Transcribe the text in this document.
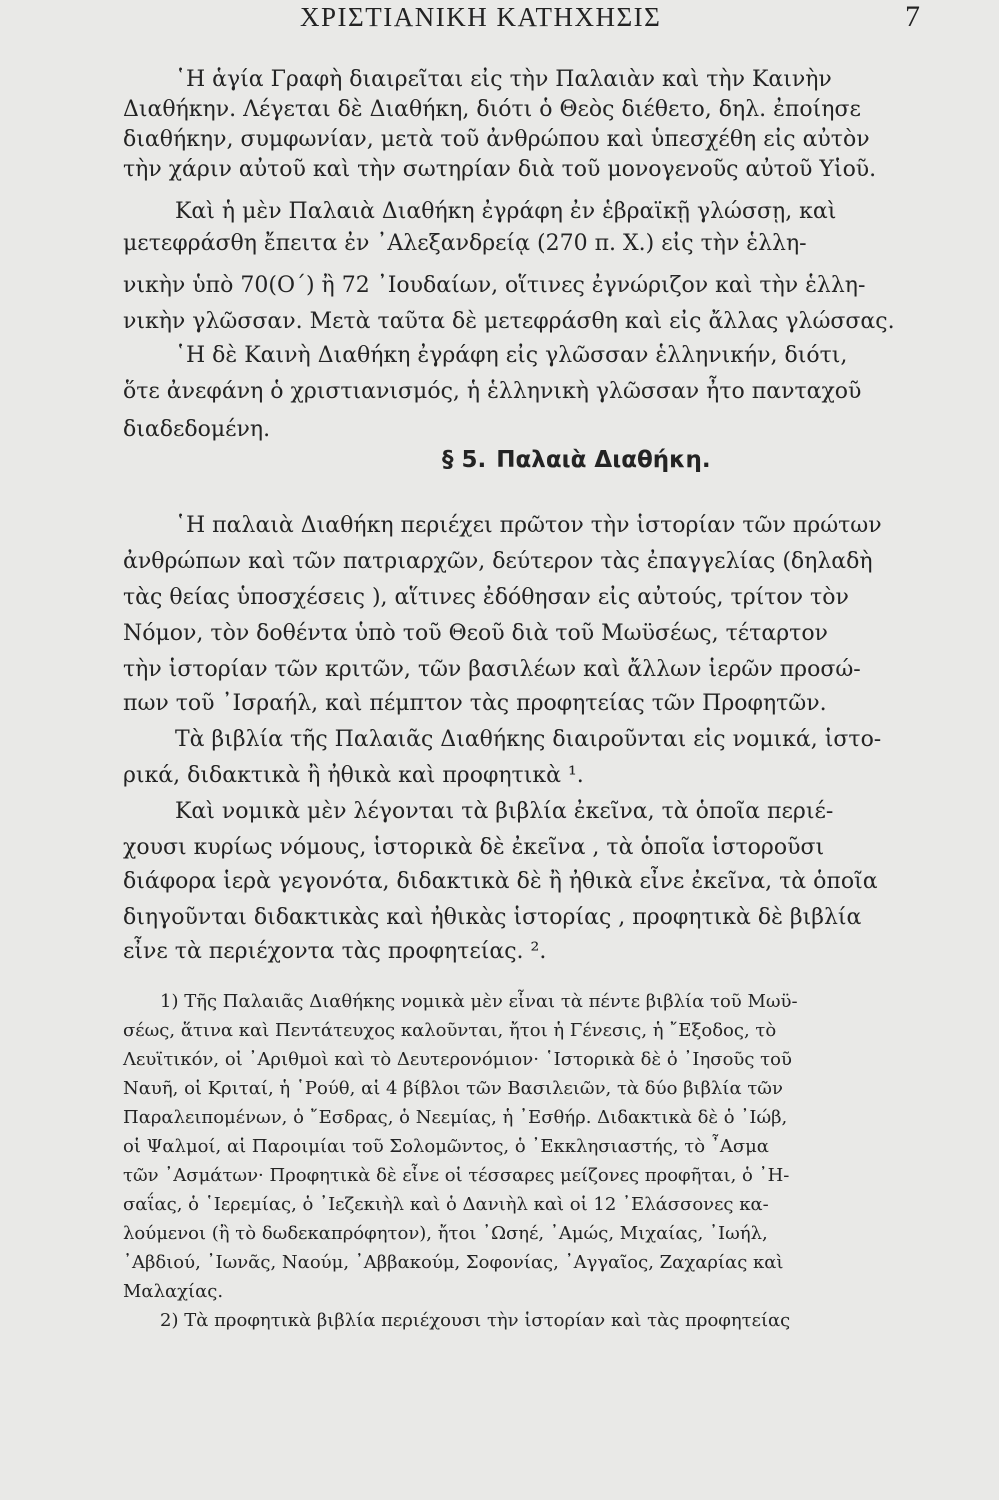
ΧΡΙΣΤΙΑΝΙΚΗ ΚΑΤΗΧΗΣΙΣ	7
῾Η ἁγία Γραφὴ διαιρεῖται εἰς τὴν Παλαιὰν καὶ τὴν Καινὴν
Διαθήκην. Λέγεται δὲ Διαθήκη, διότι ὁ Θεὸς διέθετο, δηλ. ἐποίησε
διαθήκην, συμφωνίαν, μετὰ τοῦ ἀνθρώπου καὶ ὑπεσχέθη εἰς αὐτὸν
τὴν χάριν αὐτοῦ καὶ τὴν σωτηρίαν διὰ τοῦ μονογενοῦς αὐτοῦ Υἱοῦ.
Καὶ ἡ μὲν Παλαιὰ Διαθήκη ἐγράφη ἐν ἑβραϊκῇ γλώσσῃ, καὶ
μετεφράσθη ἔπειτα ἐν ᾿Αλεξανδρείᾳ (270 π. Χ.) εἰς τὴν ἑλλη-
νικὴν ὑπὸ 70(Ο΄) ἢ 72 ᾿Ιουδαίων, οἵτινες ἐγνώριζον καὶ τὴν ἑλλη-
νικὴν γλῶσσαν. Μετὰ ταῦτα δὲ μετεφράσθη καὶ εἰς ἄλλας γλώσσας.
῾Η δὲ Καινὴ Διαθήκη ἐγράφη εἰς γλῶσσαν ἑλληνικήν, διότι,
ὅτε ἀνεφάνη ὁ χριστιανισμός, ἡ ἑλληνικὴ γλῶσσαν ἦτο πανταχοῦ
διαδεδομένη.
§ 5. Παλαιὰ Διαθήκη.
῾Η παλαιὰ Διαθήκη περιέχει πρῶτον τὴν ἱστορίαν τῶν πρώτων
ἀνθρώπων καὶ τῶν πατριαρχῶν, δεύτερον τὰς ἐπαγγελίας (δηλαδὴ
τὰς θείας ὑποσχέσεις ), αἵτινες ἐδόθησαν εἰς αὐτούς, τρίτον τὸν
Νόμον, τὸν δοθέντα ὑπὸ τοῦ Θεοῦ διὰ τοῦ Μωϋσέως, τέταρτον
τὴν ἱστορίαν τῶν κριτῶν, τῶν βασιλέων καὶ ἄλλων ἱερῶν προσώ-
πων τοῦ ᾿Ισραήλ, καὶ πέμπτον τὰς προφητείας τῶν Προφητῶν.
Τὰ βιβλία τῆς Παλαιᾶς Διαθήκης διαιροῦνται εἰς νομικά, ἱστο-
ρικά, διδακτικὰ ἢ ἠθικὰ καὶ προφητικὰ ¹.
Καὶ νομικὰ μὲν λέγονται τὰ βιβλία ἐκεῖνα, τὰ ὁποῖα περιέ-
χουσι κυρίως νόμους, ἱστορικὰ δὲ ἐκεῖνα , τὰ ὁποῖα ἱστοροῦσι
διάφορα ἱερὰ γεγονότα, διδακτικὰ δὲ ἢ ἠθικὰ εἶνε ἐκεῖνα, τὰ ὁποῖα
διηγοῦνται διδακτικὰς καὶ ἠθικὰς ἱστορίας , προφητικὰ δὲ βιβλία
εἶνε τὰ περιέχοντα τὰς προφητείας. ².
1) Τῆς Παλαιᾶς Διαθήκης νομικὰ μὲν εἶναι τὰ πέντε βιβλία τοῦ Μωϋ-
σέως, ἅτινα καὶ Πεντάτευχος καλοῦνται, ἤτοι ἡ Γένεσις, ἡ ῎Εξοδος, τὸ
Λευϊτικόν, οἱ ᾿Αριθμοὶ καὶ τὸ Δευτερονόμιον· ῾Ιστορικὰ δὲ ὁ ᾿Ιησοῦς τοῦ
Ναυῆ, οἱ Κριταί, ἡ ῾Ρούθ, αἱ 4 βίβλοι τῶν Βασιλειῶν, τὰ δύο βιβλία τῶν
Παραλειπομένων, ὁ ῎Εσδρας, ὁ Νεεμίας, ἡ ᾿Εσθήρ. Διδακτικὰ δὲ ὁ ᾿Ιώβ,
οἱ Ψαλμοί, αἱ Παροιμίαι τοῦ Σολομῶντος, ὁ ᾿Εκκλησιαστής, τὸ ῏Ασμα
τῶν ᾿Ασμάτων· Προφητικὰ δὲ εἶνε οἱ τέσσαρες μείζονες προφῆται, ὁ ᾿Η-
σαΐας, ὁ ῾Ιερεμίας, ὁ ᾿Ιεζεκιὴλ καὶ ὁ Δανιὴλ καὶ οἱ 12 ᾿Ελάσσονες κα-
λούμενοι (ἢ τὸ δωδεκαπρόφητον), ἤτοι ᾿Ωσηέ, ᾿Αμώς, Μιχαίας, ᾿Ιωήλ,
᾿Αβδιού, ᾿Ιωνᾶς, Ναούμ, ᾿Αββακούμ, Σοφονίας, ᾿Αγγαῖος, Ζαχαρίας καὶ
Μαλαχίας.
2) Τὰ προφητικὰ βιβλία περιέχουσι τὴν ἱστορίαν καὶ τὰς προφητείας
